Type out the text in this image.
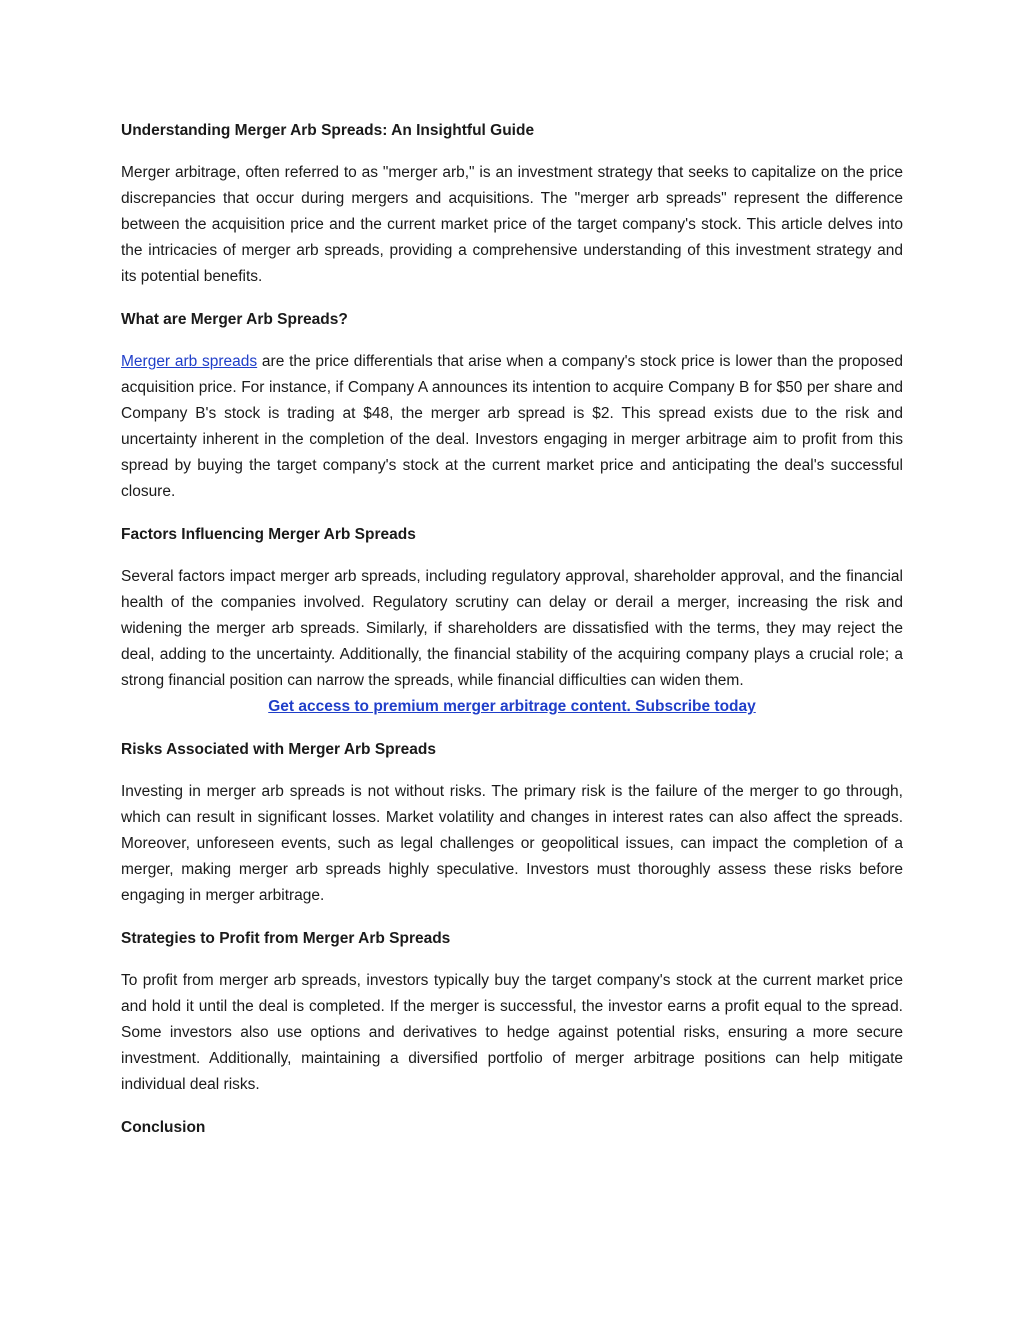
Understanding Merger Arb Spreads: An Insightful Guide

Merger arbitrage, often referred to as "merger arb," is an investment strategy that seeks to capitalize on the price discrepancies that occur during mergers and acquisitions. The "merger arb spreads" represent the difference between the acquisition price and the current market price of the target company's stock. This article delves into the intricacies of merger arb spreads, providing a comprehensive understanding of this investment strategy and its potential benefits.

What are Merger Arb Spreads?

Merger arb spreads are the price differentials that arise when a company's stock price is lower than the proposed acquisition price. For instance, if Company A announces its intention to acquire Company B for $50 per share and Company B's stock is trading at $48, the merger arb spread is $2. This spread exists due to the risk and uncertainty inherent in the completion of the deal. Investors engaging in merger arbitrage aim to profit from this spread by buying the target company's stock at the current market price and anticipating the deal's successful closure.

Factors Influencing Merger Arb Spreads

Several factors impact merger arb spreads, including regulatory approval, shareholder approval, and the financial health of the companies involved. Regulatory scrutiny can delay or derail a merger, increasing the risk and widening the merger arb spreads. Similarly, if shareholders are dissatisfied with the terms, they may reject the deal, adding to the uncertainty. Additionally, the financial stability of the acquiring company plays a crucial role; a strong financial position can narrow the spreads, while financial difficulties can widen them.

Get access to premium merger arbitrage content. Subscribe today

Risks Associated with Merger Arb Spreads

Investing in merger arb spreads is not without risks. The primary risk is the failure of the merger to go through, which can result in significant losses. Market volatility and changes in interest rates can also affect the spreads. Moreover, unforeseen events, such as legal challenges or geopolitical issues, can impact the completion of a merger, making merger arb spreads highly speculative. Investors must thoroughly assess these risks before engaging in merger arbitrage.

Strategies to Profit from Merger Arb Spreads

To profit from merger arb spreads, investors typically buy the target company's stock at the current market price and hold it until the deal is completed. If the merger is successful, the investor earns a profit equal to the spread. Some investors also use options and derivatives to hedge against potential risks, ensuring a more secure investment. Additionally, maintaining a diversified portfolio of merger arbitrage positions can help mitigate individual deal risks.

Conclusion
